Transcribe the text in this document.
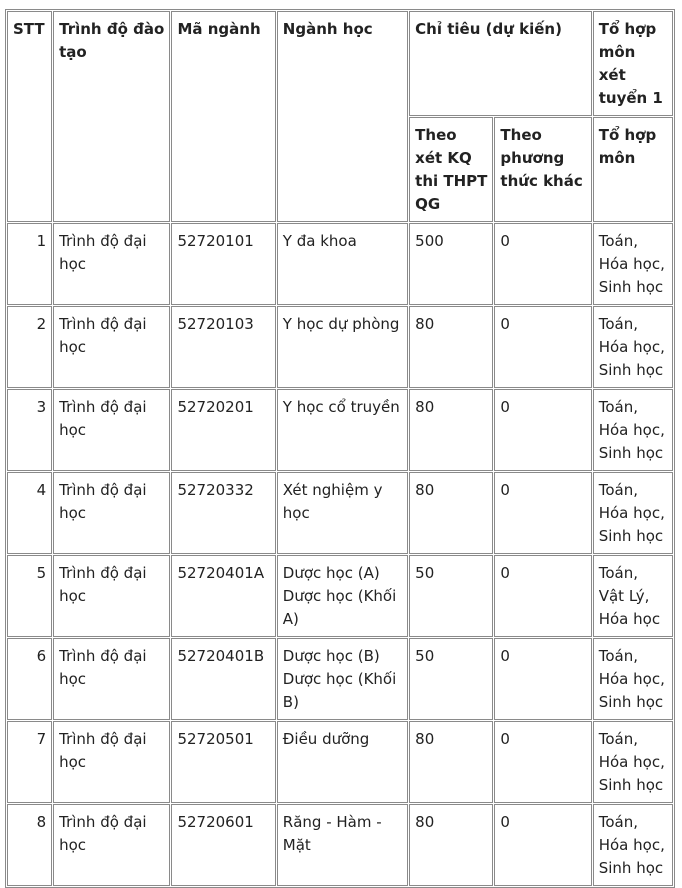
STT	Trình độ đào tạo	Mã ngành	Ngành học	Chỉ tiêu (dự kiến)		Tổ hợp môn xét tuyển 1
				Theo xét KQ thi THPT QG	Theo phương thức khác	Tổ hợp môn
1	Trình độ đại học	52720101	Y đa khoa	500	0	Toán, Hóa học, Sinh học
2	Trình độ đại học	52720103	Y học dự phòng	80	0	Toán, Hóa học, Sinh học
3	Trình độ đại học	52720201	Y học cổ truyền	80	0	Toán, Hóa học, Sinh học
4	Trình độ đại học	52720332	Xét nghiệm y học	80	0	Toán, Hóa học, Sinh học
5	Trình độ đại học	52720401A	Dược học (A) Dược học (Khối A)	50	0	Toán, Vật Lý, Hóa học
6	Trình độ đại học	52720401B	Dược học (B) Dược học (Khối B)	50	0	Toán, Hóa học, Sinh học
7	Trình độ đại học	52720501	Điều dưỡng	80	0	Toán, Hóa học, Sinh học
8	Trình độ đại học	52720601	Răng - Hàm - Mặt	80	0	Toán, Hóa học, Sinh học
